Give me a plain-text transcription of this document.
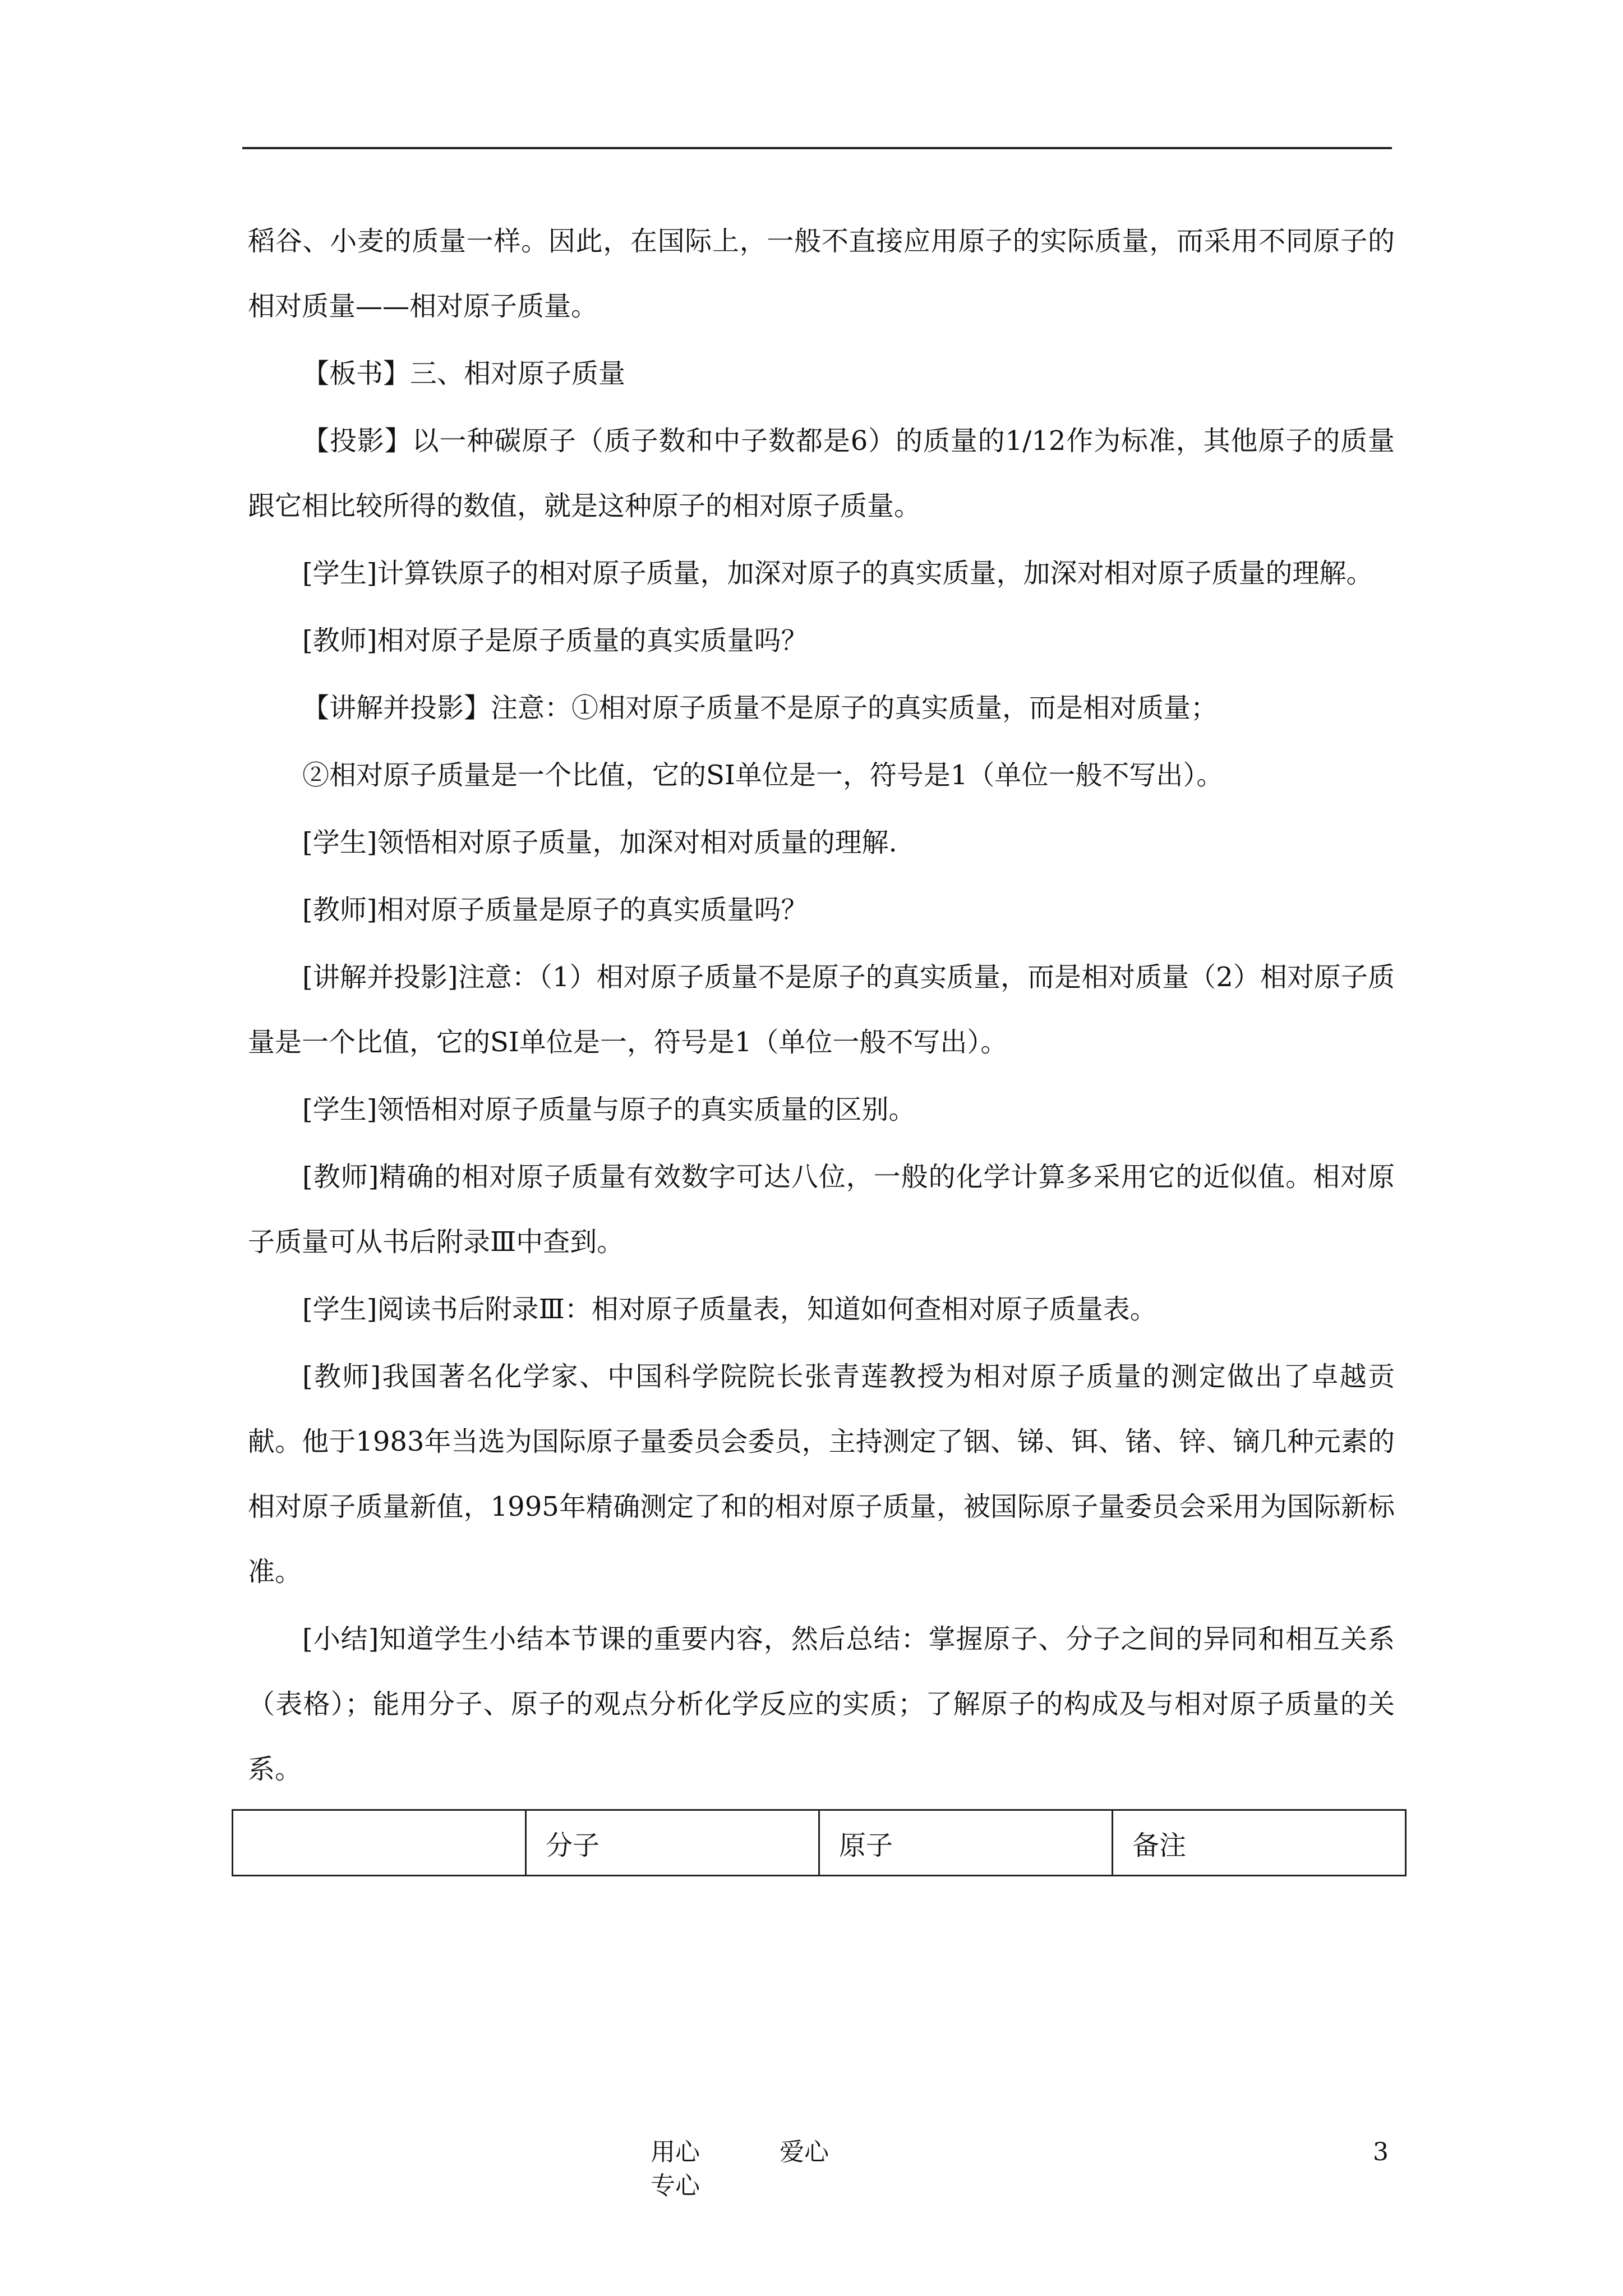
稻谷、小麦的质量一样。因此，在国际上，一般不直接应用原子的实际质量，而采用不同原子的相对质量——相对原子质量。

【板书】三、相对原子质量

【投影】以一种碳原子（质子数和中子数都是6）的质量的1/12作为标准，其他原子的质量跟它相比较所得的数值，就是这种原子的相对原子质量。

[学生]计算铁原子的相对原子质量，加深对原子的真实质量，加深对相对原子质量的理解。

[教师]相对原子是原子质量的真实质量吗？

【讲解并投影】注意：①相对原子质量不是原子的真实质量，而是相对质量；

②相对原子质量是一个比值，它的SI单位是一，符号是1（单位一般不写出）。

[学生]领悟相对原子质量，加深对相对质量的理解.

[教师]相对原子质量是原子的真实质量吗？

[讲解并投影]注意：（1）相对原子质量不是原子的真实质量，而是相对质量（2）相对原子质量是一个比值，它的SI单位是一，符号是1（单位一般不写出）。

[学生]领悟相对原子质量与原子的真实质量的区别。

[教师]精确的相对原子质量有效数字可达八位，一般的化学计算多采用它的近似值。相对原子质量可从书后附录Ⅲ中查到。

[学生]阅读书后附录Ⅲ：相对原子质量表，知道如何查相对原子质量表。

[教师]我国著名化学家、中国科学院院长张青莲教授为相对原子质量的测定做出了卓越贡献。他于1983年当选为国际原子量委员会委员，主持测定了铟、锑、铒、锗、锌、镝几种元素的相对原子质量新值，1995年精确测定了和的相对原子质量，被国际原子量委员会采用为国际新标准。

[小结]知道学生小结本节课的重要内容，然后总结：掌握原子、分子之间的异同和相互关系（表格）；能用分子、原子的观点分析化学反应的实质；了解原子的构成及与相对原子质量的关系。

	分子	原子	备注
用心	爱心 专心
3
